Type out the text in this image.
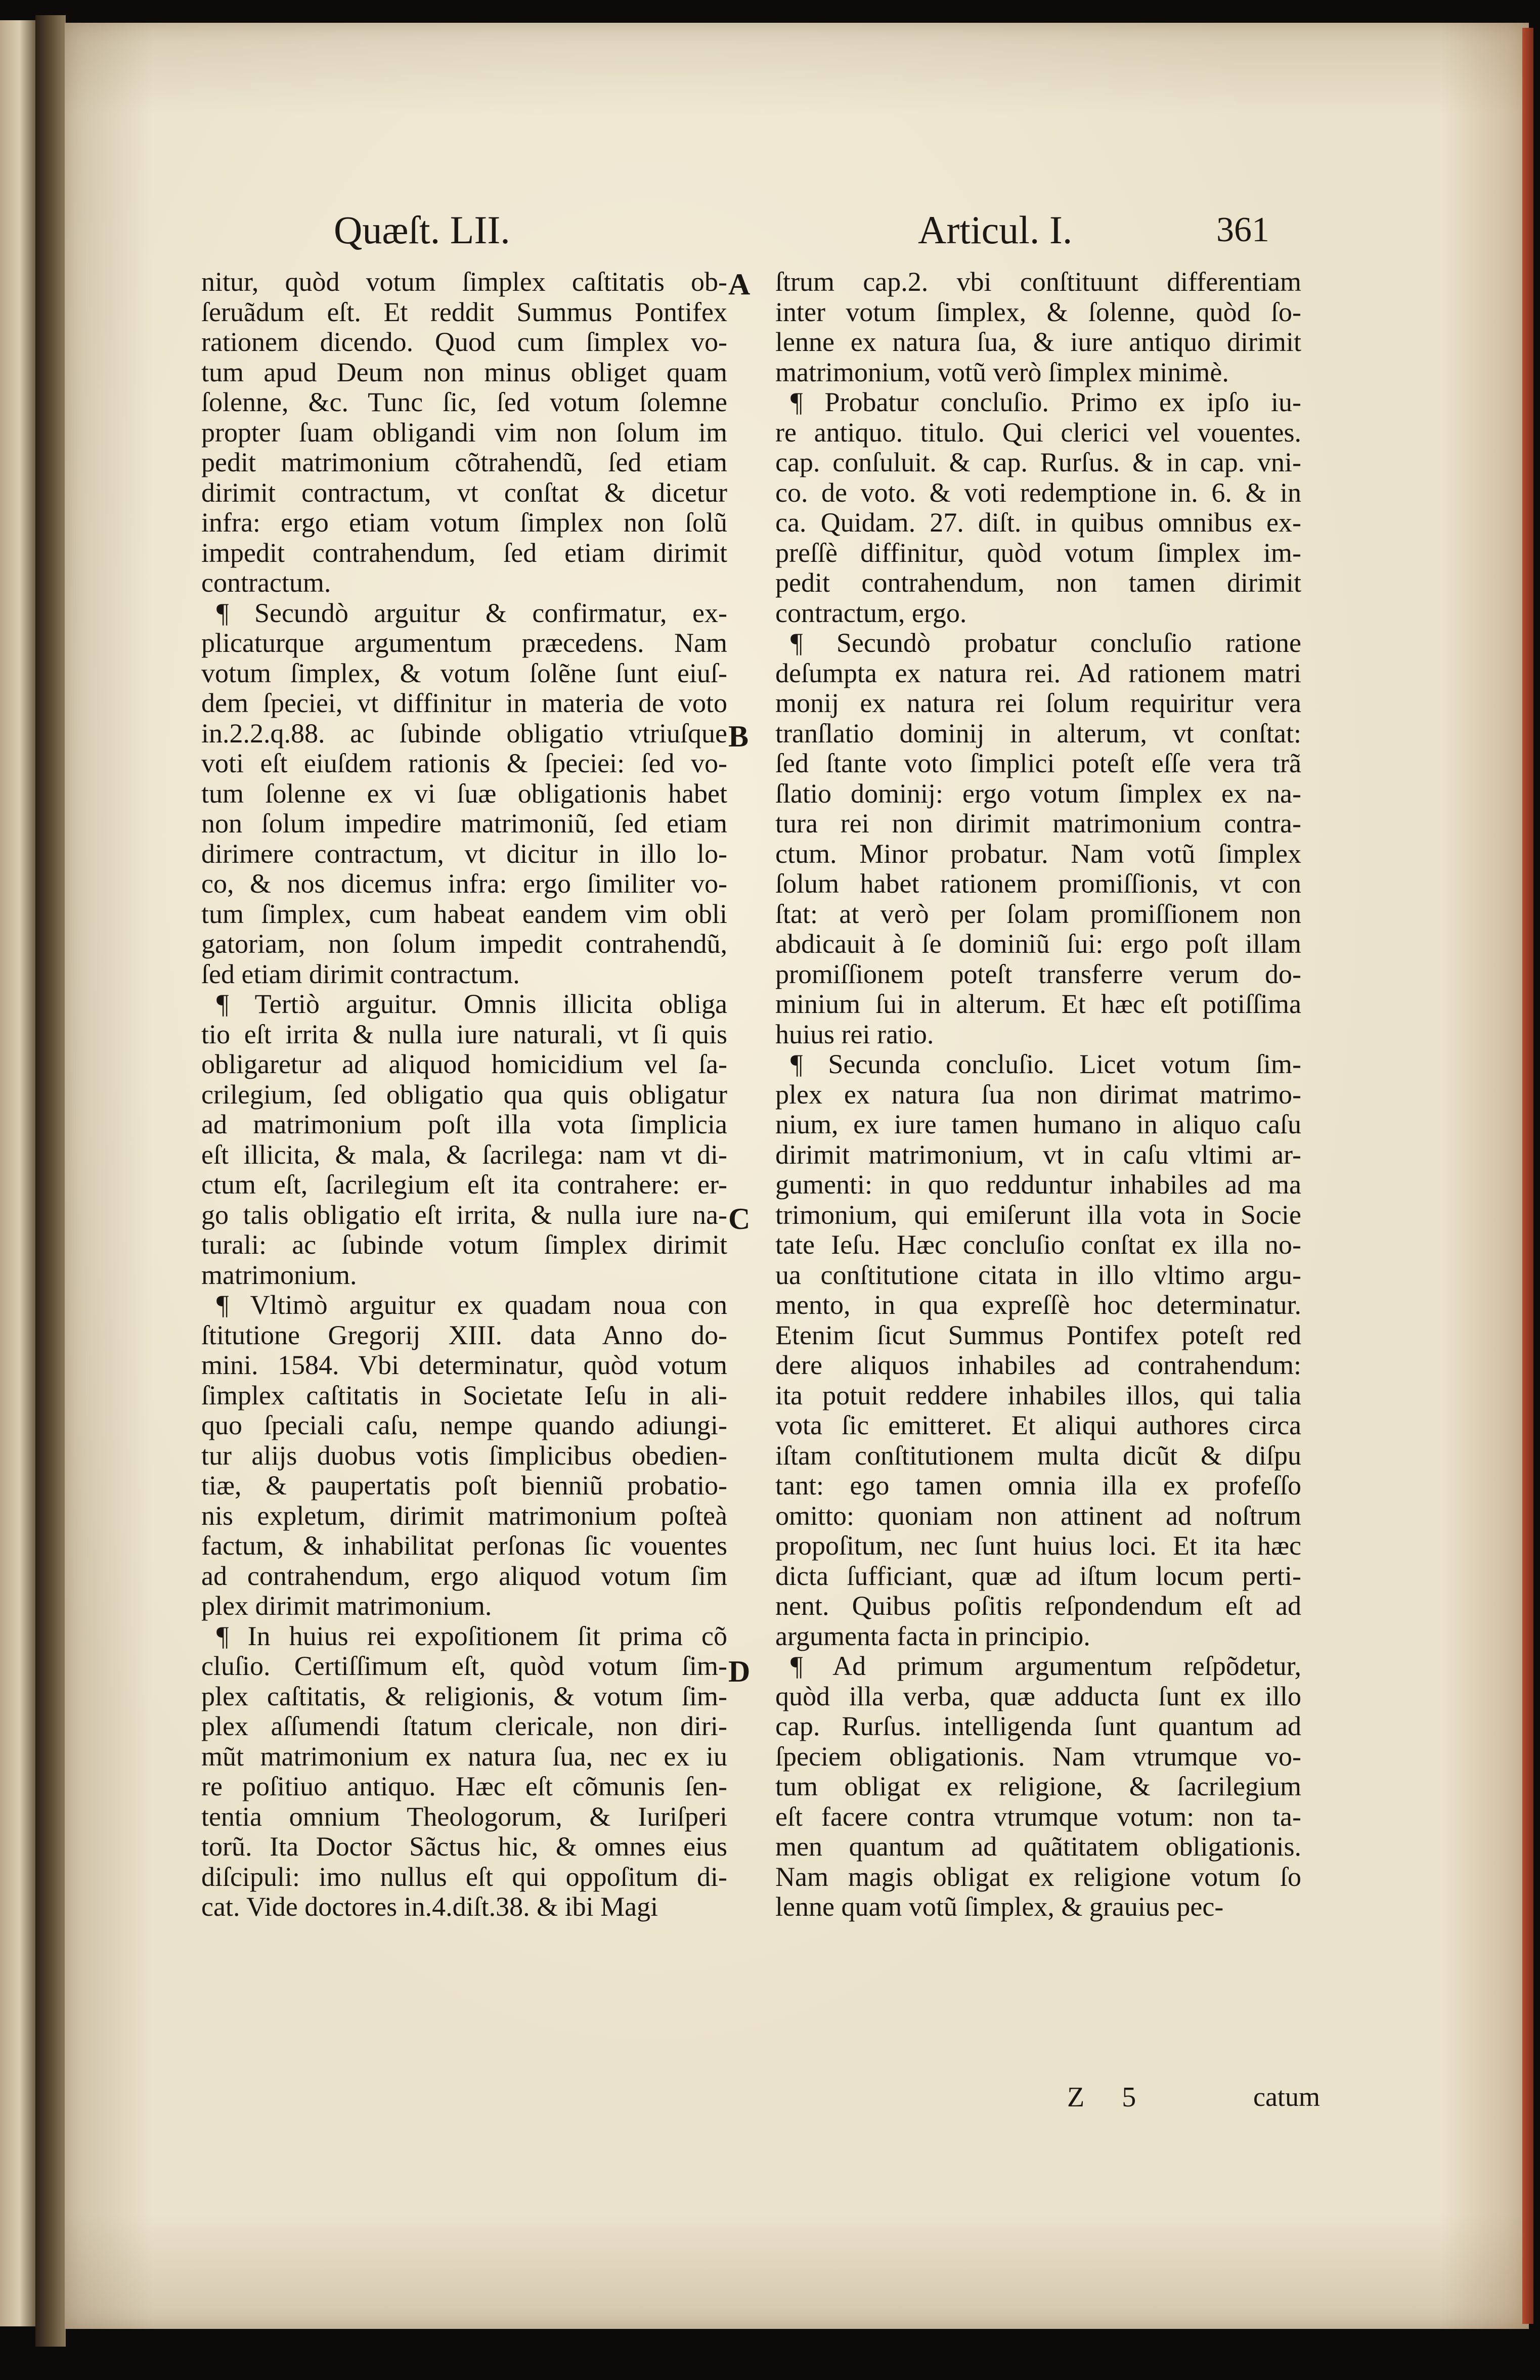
Quæſt. LII.	Articul. I.	361
nitur, quòd votum ſimplex caſtitatis ob-
ſeruãdum eſt. Et reddit Summus Pontifex
rationem dicendo. Quod cum ſimplex vo-
tum apud Deum non minus obliget quam
ſolenne, &c. Tunc ſic, ſed votum ſolemne
propter ſuam obligandi vim non ſolum im
pedit matrimonium cõtrahendũ, ſed etiam
dirimit contractum, vt conſtat & dicetur
infra: ergo etiam votum ſimplex non ſolũ
impedit contrahendum, ſed etiam dirimit
contractum.
¶ Secundò arguitur & confirmatur, ex-
plicaturque argumentum præcedens. Nam
votum ſimplex, & votum ſolẽne ſunt eiuſ-
dem ſpeciei, vt diffinitur in materia de voto
in.2.2.q.88. ac ſubinde obligatio vtriuſque
voti eſt eiuſdem rationis & ſpeciei: ſed vo-
tum ſolenne ex vi ſuæ obligationis habet
non ſolum impedire matrimoniũ, ſed etiam
dirimere contractum, vt dicitur in illo lo-
co, & nos dicemus infra: ergo ſimiliter vo-
tum ſimplex, cum habeat eandem vim obli
gatoriam, non ſolum impedit contrahendũ,
ſed etiam dirimit contractum.
¶ Tertiò arguitur. Omnis illicita obliga
tio eſt irrita & nulla iure naturali, vt ſi quis
obligaretur ad aliquod homicidium vel ſa-
crilegium, ſed obligatio qua quis obligatur
ad matrimonium poſt illa vota ſimplicia
eſt illicita, & mala, & ſacrilega: nam vt di-
ctum eſt, ſacrilegium eſt ita contrahere: er-
go talis obligatio eſt irrita, & nulla iure na-
turali: ac ſubinde votum ſimplex dirimit
matrimonium.
¶ Vltimò arguitur ex quadam noua con
ſtitutione Gregorij XIII. data Anno do-
mini. 1584. Vbi determinatur, quòd votum
ſimplex caſtitatis in Societate Ieſu in ali-
quo ſpeciali caſu, nempe quando adiungi-
tur alijs duobus votis ſimplicibus obedien-
tiæ, & paupertatis poſt bienniũ probatio-
nis expletum, dirimit matrimonium poſteà
factum, & inhabilitat perſonas ſic vouentes
ad contrahendum, ergo aliquod votum ſim
plex dirimit matrimonium.
¶ In huius rei expoſitionem ſit prima cõ
cluſio. Certiſſimum eſt, quòd votum ſim-
plex caſtitatis, & religionis, & votum ſim-
plex aſſumendi ſtatum clericale, non diri-
mũt matrimonium ex natura ſua, nec ex iu
re poſitiuo antiquo. Hæc eſt cõmunis ſen-
tentia omnium Theologorum, & Iuriſperi
torũ. Ita Doctor Sãctus hic, & omnes eius
diſcipuli: imo nullus eſt qui oppoſitum di-
cat. Vide doctores in.4.diſt.38. & ibi Magi
ſtrum cap.2. vbi conſtituunt differentiam
inter votum ſimplex, & ſolenne, quòd ſo-
lenne ex natura ſua, & iure antiquo dirimit
matrimonium, votũ verò ſimplex minimè.
¶ Probatur concluſio. Primo ex ipſo iu-
re antiquo. titulo. Qui clerici vel vouentes.
cap. conſuluit. & cap. Rurſus. & in cap. vni-
co. de voto. & voti redemptione in. 6. & in
ca. Quidam. 27. diſt. in quibus omnibus ex-
preſſè diffinitur, quòd votum ſimplex im-
pedit contrahendum, non tamen dirimit
contractum, ergo.
¶ Secundò probatur concluſio ratione
deſumpta ex natura rei. Ad rationem matri
monij ex natura rei ſolum requiritur vera
tranſlatio dominij in alterum, vt conſtat:
ſed ſtante voto ſimplici poteſt eſſe vera trã
ſlatio dominij: ergo votum ſimplex ex na-
tura rei non dirimit matrimonium contra-
ctum. Minor probatur. Nam votũ ſimplex
ſolum habet rationem promiſſionis, vt con
ſtat: at verò per ſolam promiſſionem non
abdicauit à ſe dominiũ ſui: ergo poſt illam
promiſſionem poteſt transferre verum do-
minium ſui in alterum. Et hæc eſt potiſſima
huius rei ratio.
¶ Secunda concluſio. Licet votum ſim-
plex ex natura ſua non dirimat matrimo-
nium, ex iure tamen humano in aliquo caſu
dirimit matrimonium, vt in caſu vltimi ar-
gumenti: in quo redduntur inhabiles ad ma
trimonium, qui emiſerunt illa vota in Socie
tate Ieſu. Hæc concluſio conſtat ex illa no-
ua conſtitutione citata in illo vltimo argu-
mento, in qua expreſſè hoc determinatur.
Etenim ſicut Summus Pontifex poteſt red
dere aliquos inhabiles ad contrahendum:
ita potuit reddere inhabiles illos, qui talia
vota ſic emitteret. Et aliqui authores circa
iſtam conſtitutionem multa dicũt & diſpu
tant: ego tamen omnia illa ex profeſſo
omitto: quoniam non attinent ad noſtrum
propoſitum, nec ſunt huius loci. Et ita hæc
dicta ſufficiant, quæ ad iſtum locum perti-
nent. Quibus poſitis reſpondendum eſt ad
argumenta facta in principio.
¶ Ad primum argumentum reſpõdetur,
quòd illa verba, quæ adducta ſunt ex illo
cap. Rurſus. intelligenda ſunt quantum ad
ſpeciem obligationis. Nam vtrumque vo-
tum obligat ex religione, & ſacrilegium
eſt facere contra vtrumque votum: non ta-
men quantum ad quãtitatem obligationis.
Nam magis obligat ex religione votum ſo
lenne quam votũ ſimplex, & grauius pec-
A
B
C
D
Z 5	catum
